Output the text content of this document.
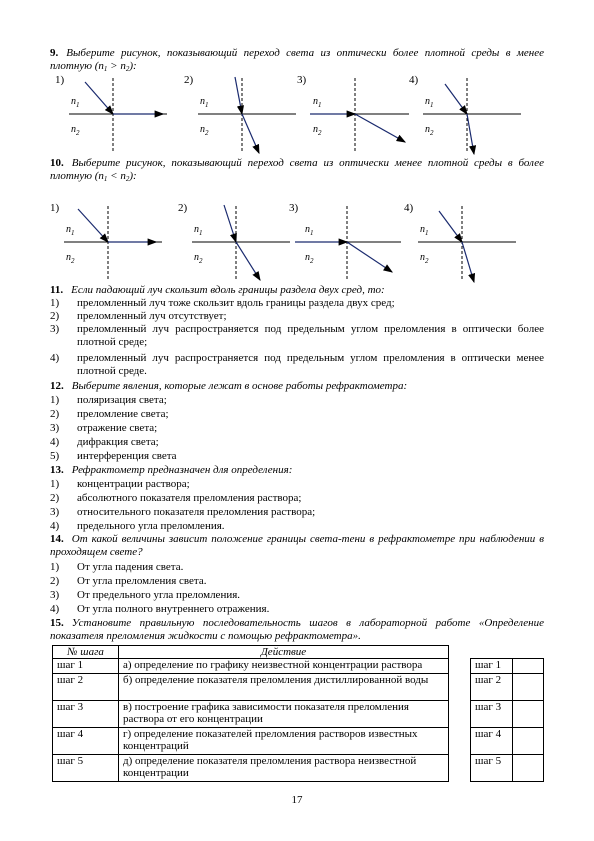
9. Выберите рисунок, показывающий переход света из оптически более плотной среды в менее плотную $(n_1 > n_2)$:
1)
$n_1$
$n_2$
2)
$n_1$
$n_2$
3)
$n_1$
$n_2$
4)
$n_1$
$n_2$
10. Выберите рисунок, показывающий переход света из оптически менее плотной среды в более плотную $(n_1 < n_2)$:
1)
$n_1$
$n_2$
2)
$n_1$
$n_2$
3)
$n_1$
$n_2$
4)
$n_1$
$n_2$
11. Если падающий луч скользит вдоль границы раздела двух сред, то:
1)	преломленный луч тоже скользит вдоль границы раздела двух сред;
2)	преломленный луч отсутствует;
3)	преломленный луч распространяется под предельным углом преломления в оптически более плотной среде;
4)	преломленный луч распространяется под предельным углом преломления в оптически менее плотной среде.
12. Выберите явления, которые лежат в основе работы рефрактометра:
1)	поляризация света;
2)	преломление света;
3)	отражение света;
4)	дифракция света;
5)	интерференция света
13. Рефрактометр предназначен для определения:
1)	концентрации раствора;
2)	абсолютного показателя преломления раствора;
3)	относительного показателя преломления раствора;
4)	предельного угла преломления.
14. От какой величины зависит положение границы света-тени в рефрактометре при наблюдении в проходящем свете?
1)	От угла падения света.
2)	От угла преломления света.
3)	От предельного угла преломления.
4)	От угла полного внутреннего отражения.
15. Установите правильную последовательность шагов в лабораторной работе «Определение показателя преломления жидкости с помощью рефрактометра».
№ шага	Действие
шаг 1	а) определение по графику неизвестной концентрации раствора
шаг 2	б) определение показателя преломления дистиллированной воды
шаг 3	в) построение графика зависимости показателя преломления раствора от его концентрации
шаг 4	г) определение показателей преломления растворов известных концентраций
шаг 5	д) определение показателя преломления раствора неизвестной концентрации
шаг 1	
шаг 2	
шаг 3	
шаг 4	
шаг 5	
17
